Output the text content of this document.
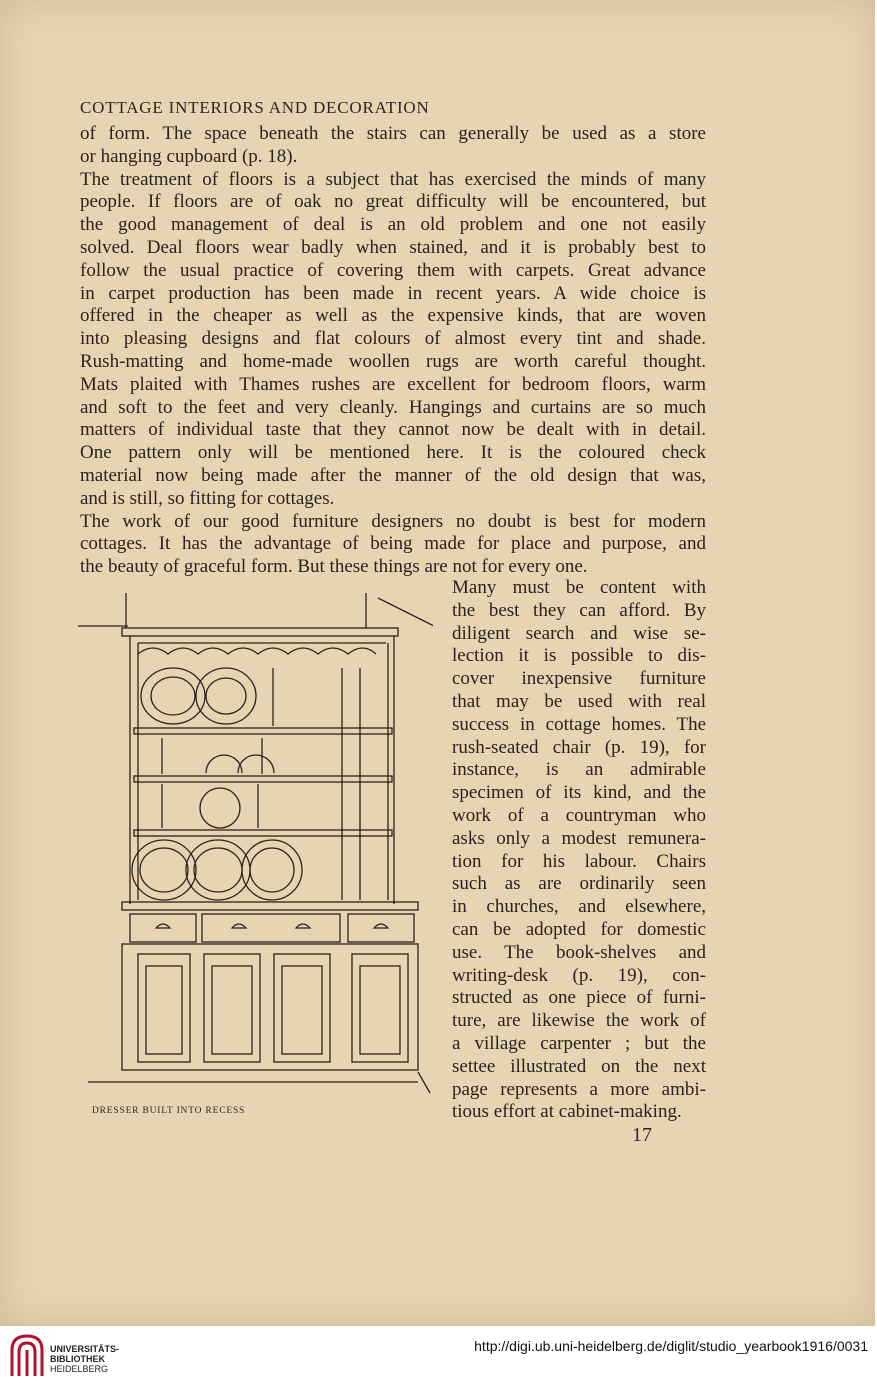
COTTAGE INTERIORS AND DECORATION
of form. The space beneath the stairs can generally be used as a store
or hanging cupboard (p. 18).
The treatment of floors is a subject that has exercised the minds of many
people. If floors are of oak no great difficulty will be encountered, but
the good management of deal is an old problem and one not easily
solved. Deal floors wear badly when stained, and it is probably best to
follow the usual practice of covering them with carpets. Great advance
in carpet production has been made in recent years. A wide choice is
offered in the cheaper as well as the expensive kinds, that are woven
into pleasing designs and flat colours of almost every tint and shade.
Rush-matting and home-made woollen rugs are worth careful thought.
Mats plaited with Thames rushes are excellent for bedroom floors, warm
and soft to the feet and very cleanly. Hangings and curtains are so much
matters of individual taste that they cannot now be dealt with in detail.
One pattern only will be mentioned here. It is the coloured check
material now being made after the manner of the old design that was,
and is still, so fitting for cottages.
The work of our good furniture designers no doubt is best for modern
cottages. It has the advantage of being made for place and purpose, and
the beauty of graceful form. But these things are not for every one.
DRESSER BUILT INTO RECESS
Many must be content with
the best they can afford. By
diligent search and wise se-
lection it is possible to dis-
cover inexpensive furniture
that may be used with real
success in cottage homes. The
rush-seated chair (p. 19), for
instance, is an admirable
specimen of its kind, and the
work of a countryman who
asks only a modest remunera-
tion for his labour. Chairs
such as are ordinarily seen
in churches, and elsewhere,
can be adopted for domestic
use. The book-shelves and
writing-desk (p. 19), con-
structed as one piece of furni-
ture, are likewise the work of
a village carpenter ; but the
settee illustrated on the next
page represents a more ambi-
tious effort at cabinet-making.
17
UNIVERSITÄTS-
BIBLIOTHEK
HEIDELBERG
http://digi.ub.uni-heidelberg.de/diglit/studio_yearbook1916/0031
